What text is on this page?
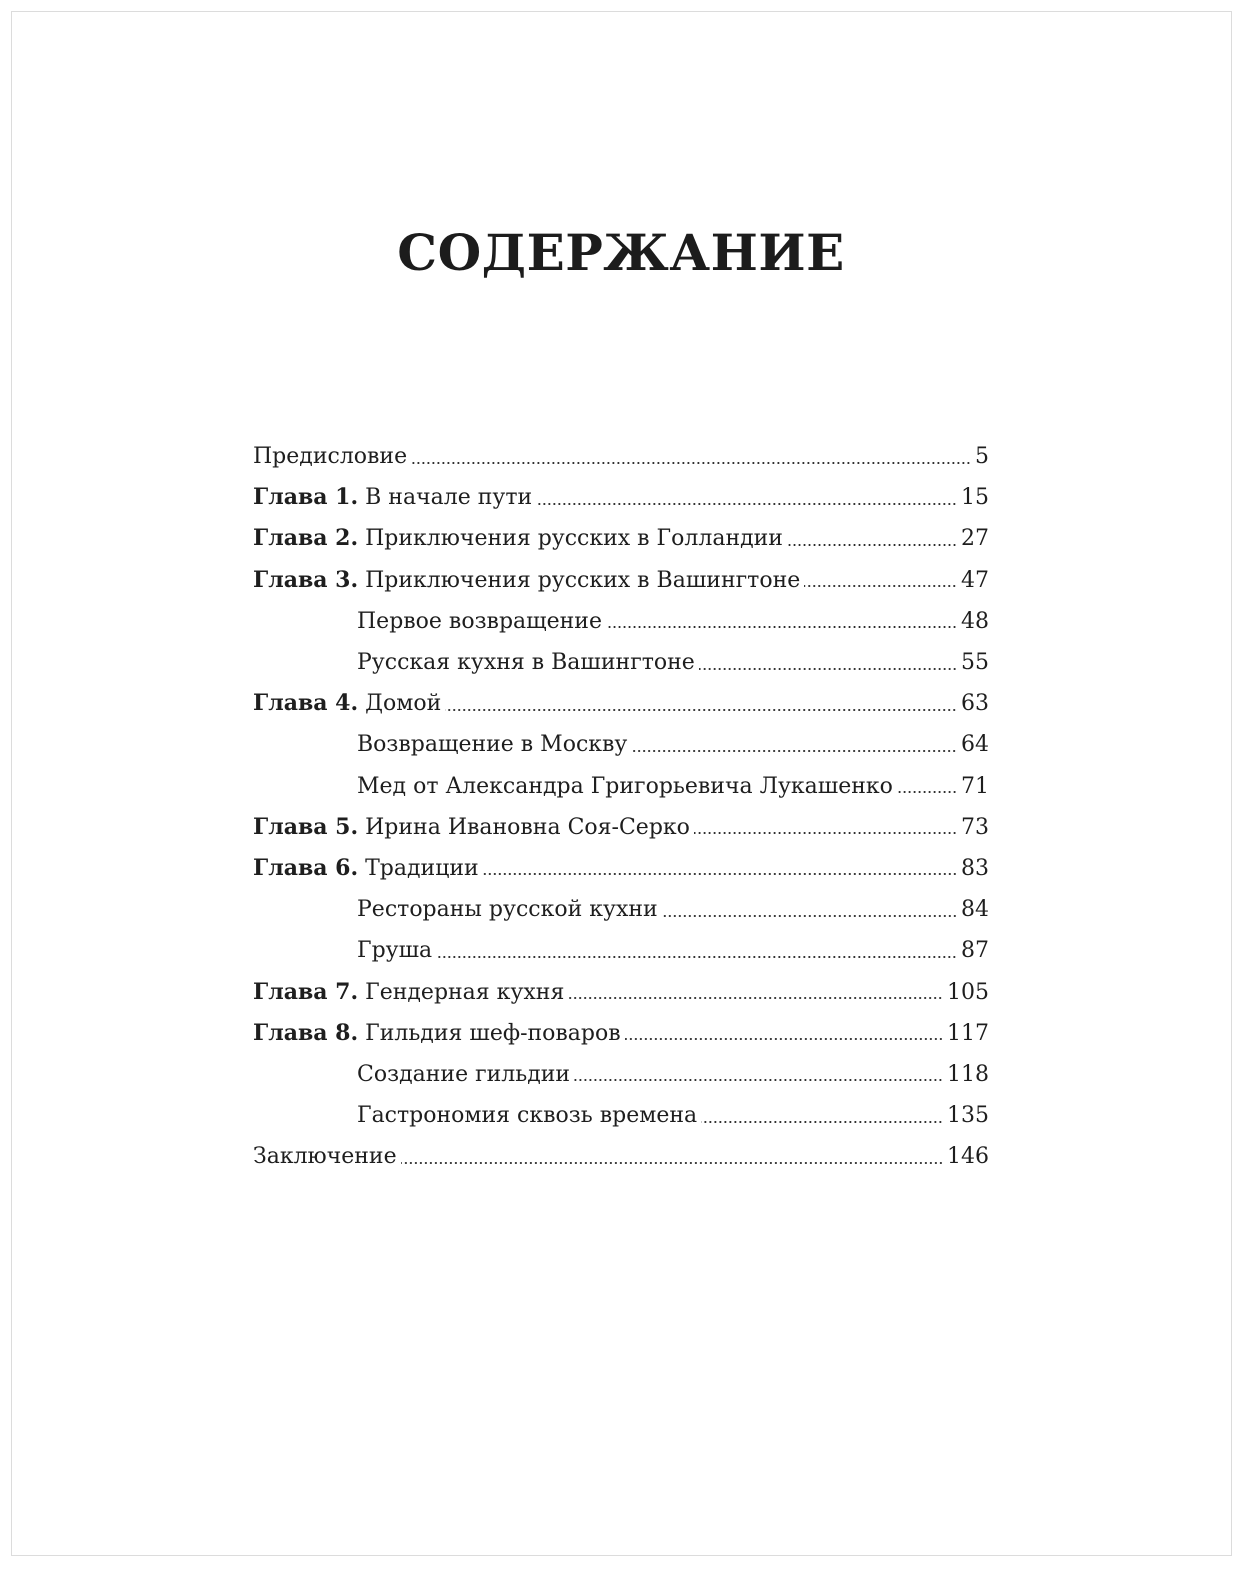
СОДЕРЖАНИЕ
Предисловие	5
Глава 1. В начале пути	15
Глава 2. Приключения русских в Голландии	27
Глава 3. Приключения русских в Вашингтоне	47
Первое возвращение	48
Русская кухня в Вашингтоне	55
Глава 4. Домой	63
Возвращение в Москву	64
Мед от Александра Григорьевича Лукашенко	71
Глава 5. Ирина Ивановна Соя-Серко	73
Глава 6. Традиции	83
Рестораны русской кухни	84
Груша	87
Глава 7. Гендерная кухня	105
Глава 8. Гильдия шеф-поваров	117
Создание гильдии	118
Гастрономия сквозь времена	135
Заключение	146
